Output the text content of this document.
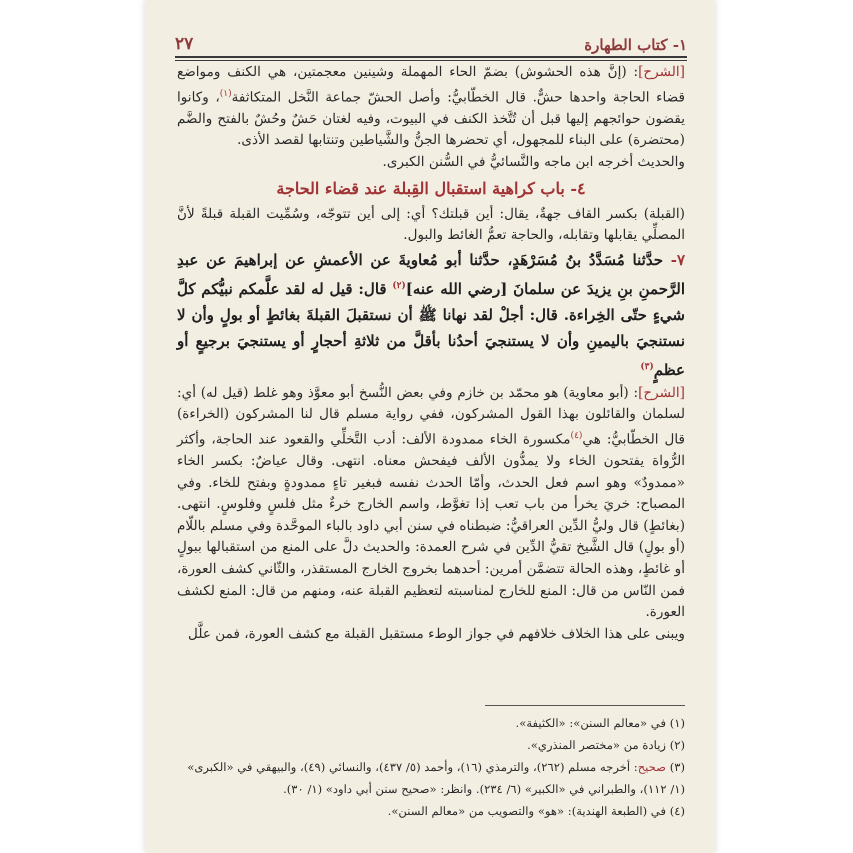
٢٧	١- كتاب الطهارة

[الشرح]: (إنَّ هذه الحشوش) بضمّ الحاء المهملة وشينين معجمتين، هي الكنف ومواضع قضاء الحاجة واحدها حشٌّ. قال الخطّابيُّ: وأصل الحشّ جماعة النَّخل المتكاثفة$^{(١)}$، وكانوا يقضون حوائجهم إليها قبل أن تُتَّخذ الكنف في البيوت، وفيه لغتان حَشٌ وحُشٌ بالفتح والضَّم (محتضرة) على البناء للمجهول، أي تحضرها الجنُّ والشَّياطين وتنتابها لقصد الأذى.

والحديث أخرجه ابن ماجه والنَّسائيُّ في السُّنن الكبرى.

٤- باب كراهية استقبال القِبلة عند قضاء الحاجة

(القبلة) بكسر القاف جهةٌ، يقال: أين قبلتك؟ أي: إلى أين تتوجّه، وسُمِّيت القبلة قبلةً لأنَّ المصلِّي يقابلها وتقابله، والحاجة تعمُّ الغائط والبول.

٧- حدَّثنا مُسَدَّدُ بنُ مُسَرْهَدٍ، حدَّثنا أبو مُعاويةَ عن الأعمشِ عن إبراهيمَ عن عبدِ الرَّحمنِ بنِ يزيدَ عن سلمانَ [رضي الله عنه]$^{(٢)}$ قال: قيل له لقد علَّمكم نبيُّكم كلَّ شيءٍ حتّى الخِراءة. قال: أجلْ لقد نهانا ﷺ أن نستقبلَ القبلةَ بغائطٍ أو بولٍ وأن لا نستنجيَ باليمينِ وأن لا يستنجيَ أحدُنا بأقلَّ من ثلاثةِ أحجارٍ أو يستنجيَ برجيعٍ أو عظمٍ$^{(٣)}$

[الشرح]: (أبو معاوية) هو محمّد بن خازم وفي بعض النُّسخ أبو معوَّذ وهو غلط (قيل له) أي: لسلمان والقائلون بهذا القول المشركون، ففي رواية مسلم قال لنا المشركون (الخراءة) قال الخطّابيُّ: هي$^{(٤)}$مكسورة الخاء ممدودة الألف: أدب التَّخلِّي والقعود عند الحاجة، وأكثر الرُّواة يفتحون الخاء ولا يمدُّون الألف فيفحش معناه. انتهى. وقال عياضٌ: بكسر الخاء «ممدودٌ» وهو اسم فعل الحدث، وأمّا الحدث نفسه فبغير تاءٍ ممدودةٍ وبفتح للخاء. وفي المصباح: خريَ يخرأ من باب تعب إذا تغوَّط، واسم الخارج خرءٌ مثل فلسٍ وفلوسٍ. انتهى. (بغائطٍ) قال وليُّ الدِّين العراقيُّ: ضبطناه في سنن أبي داود بالباء الموحَّدة وفي مسلم باللّام (أو بولٍ) قال الشَّيخ تقيُّ الدِّين في شرح العمدة: والحديث دلَّ على المنع من استقبالها ببولٍ أو غائطٍ، وهذه الحالة تتضمَّن أمرين: أحدهما بخروج الخارج المستقذر، والثّاني كشف العورة، فمن النّاس من قال: المنع للخارج لمناسبته لتعظيم القبلة عنه، ومنهم من قال: المنع لكشف العورة.

ويبنى على هذا الخلاف خلافهم في جواز الوطء مستقبل القبلة مع كشف العورة، فمن علَّل

(١) في «معالم السنن»: «الكثيفة».

(٢) زيادة من «مختصر المنذري».

(٣) صحيح: أخرجه مسلم (٢٦٢)، والترمذي (١٦)، وأحمد (٥/ ٤٣٧)، والنسائي (٤٩)، والبيهقي في «الكبرى» (١/ ١١٢)، والطبراني في «الكبير» (٦/ ٢٣٤). وانظر: «صحيح سنن أبي داود» (١/ ٣٠).

(٤) في (الطبعة الهندية): «هو» والتصويب من «معالم السنن».
